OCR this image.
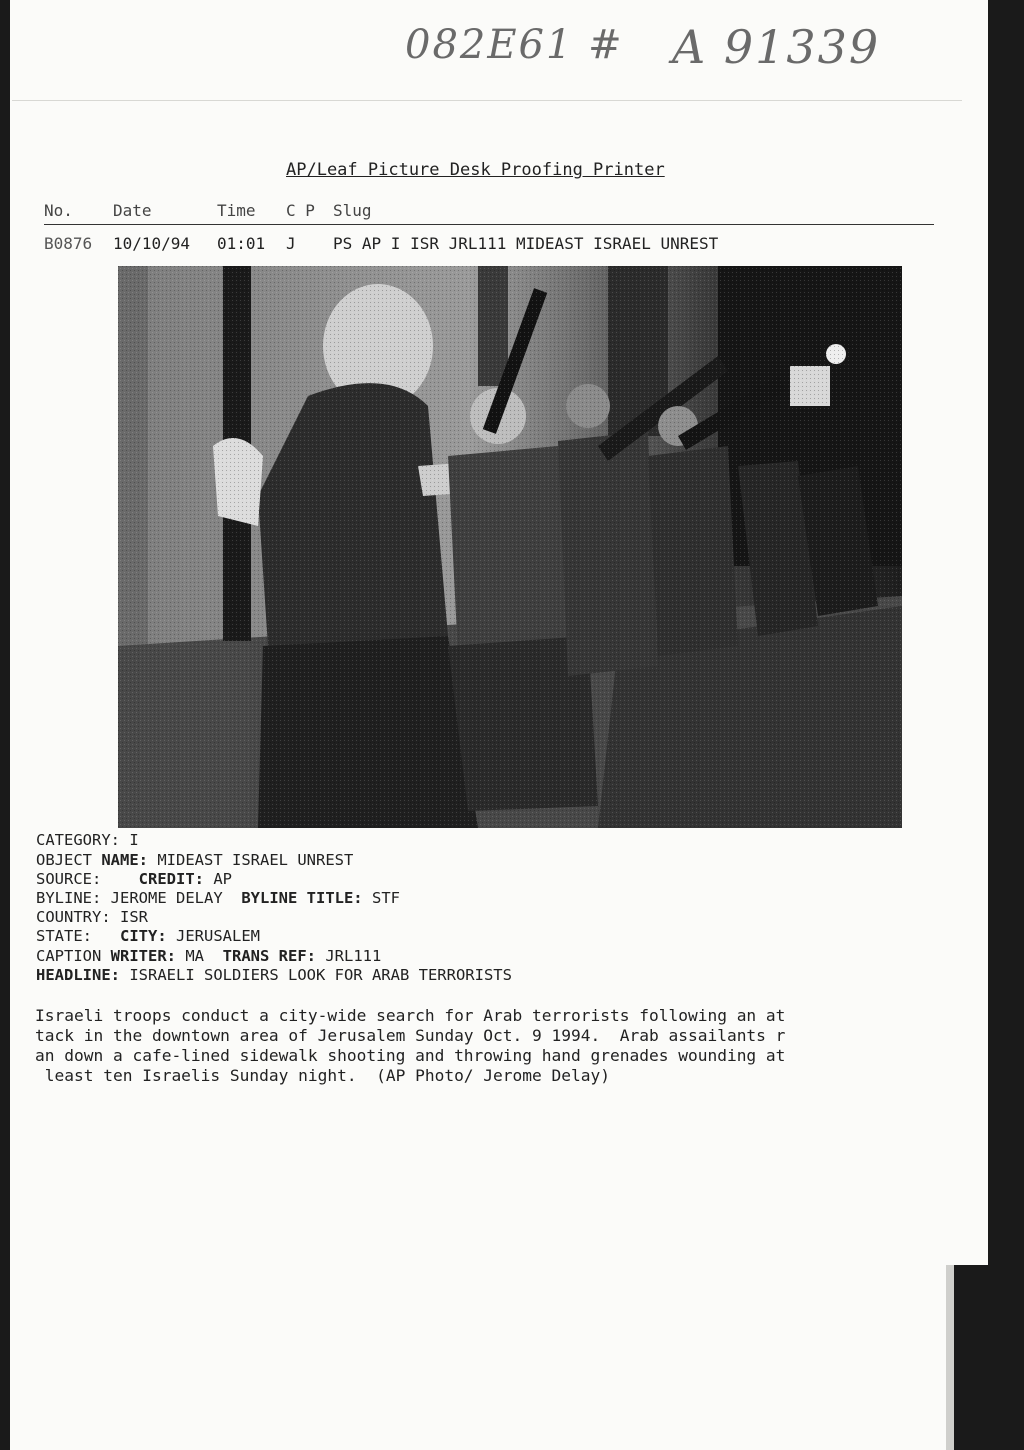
082E61 # A 91339
AP/Leaf Picture Desk Proofing Printer
No.	Date	Time C P Slug
B0876 10/10/94 01:01 J PS AP I ISR JRL111 MIDEAST ISRAEL UNREST
CATEGORY: I
OBJECT NAME: MIDEAST ISRAEL UNREST
SOURCE: CREDIT: AP
BYLINE: JEROME DELAY BYLINE TITLE: STF
COUNTRY: ISR
STATE: CITY: JERUSALEM
CAPTION WRITER: MA TRANS REF: JRL111
HEADLINE: ISRAELI SOLDIERS LOOK FOR ARAB TERRORISTS
Israeli troops conduct a city-wide search for Arab terrorists following an at
tack in the downtown area of Jerusalem Sunday Oct. 9 1994.  Arab assailants r
an down a cafe-lined sidewalk shooting and throwing hand grenades wounding at
least ten Israelis Sunday night.  (AP Photo/ Jerome Delay)
